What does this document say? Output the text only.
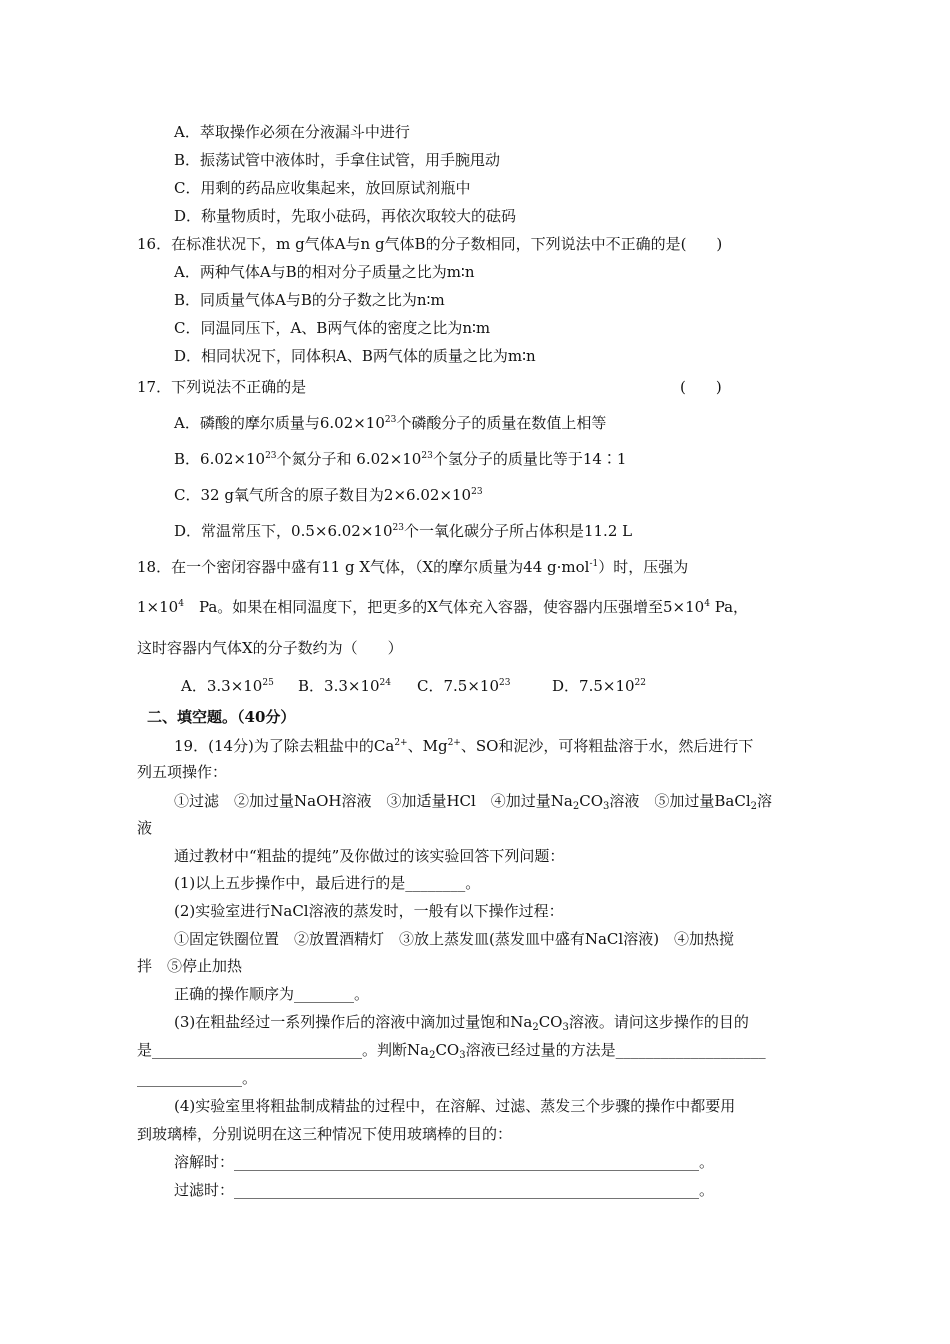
A．萃取操作必须在分液漏斗中进行
B．振荡试管中液体时，手拿住试管，用手腕甩动
C．用剩的药品应收集起来，放回原试剂瓶中
D．称量物质时，先取小砝码，再依次取较大的砝码
16．在标准状况下，m g气体A与n g气体B的分子数相同，下列说法中不正确的是(　　)
A．两种气体A与B的相对分子质量之比为m∶n
B．同质量气体A与B的分子数之比为n∶m
C．同温同压下，A、B两气体的密度之比为n∶m
D．相同状况下，同体积A、B两气体的质量之比为m∶n
17．下列说法不正确的是	(　　)
A．磷酸的摩尔质量与$6.02\times 10^{23}$个磷酸分子的质量在数值上相等
B．$6.02\times 10^{23}$个氮分子和 $6.02\times 10^{23}$个氢分子的质量比等于14∶1
C．32 g氧气所含的原子数目为$2\times 6.02\times 10^{23}$
D．常温常压下，$0.5\times 6.02\times 10^{23}$个一氧化碳分子所占体积是11.2 L
18．在一个密闭容器中盛有11 g X气体，（X的摩尔质量为44 g·mol$^{-1}$）时，压强为
$1\times 10^4$　Pa。如果在相同温度下，把更多的X气体充入容器，使容器内压强增至$5\times 10^4$ Pa，
这时容器内气体X的分子数约为（　　）
A．$3.3\times 10^{25}$ B．$3.3\times 10^{24}$ C．$7.5\times 10^{23}$	D．$7.5\times 10^{22}$
二、填空题。（40分）
19．(14分)为了除去粗盐中的$Ca^{2+}$、$Mg^{2+}$、SO和泥沙，可将粗盐溶于水，然后进行下
列五项操作：
①过滤　②加过量NaOH溶液　③加适量HCl　④加过量$Na_2CO_3$溶液　⑤加过量BaCl$_2$溶
液
通过教材中“粗盐的提纯”及你做过的该实验回答下列问题：
(1)以上五步操作中，最后进行的是________。
(2)实验室进行NaCl溶液的蒸发时，一般有以下操作过程：
①固定铁圈位置　②放置酒精灯　③放上蒸发皿(蒸发皿中盛有NaCl溶液)　④加热搅
拌　⑤停止加热
正确的操作顺序为________。
(3)在粗盐经过一系列操作后的溶液中滴加过量饱和$Na_2CO_3$溶液。请问这步操作的目的
是____________________________。判断$Na_2CO_3$溶液已经过量的方法是____________________
______________。
(4)实验室里将粗盐制成精盐的过程中，在溶解、过滤、蒸发三个步骤的操作中都要用
到玻璃棒，分别说明在这三种情况下使用玻璃棒的目的：
溶解时：______________________________________________________________。
过滤时：______________________________________________________________。
